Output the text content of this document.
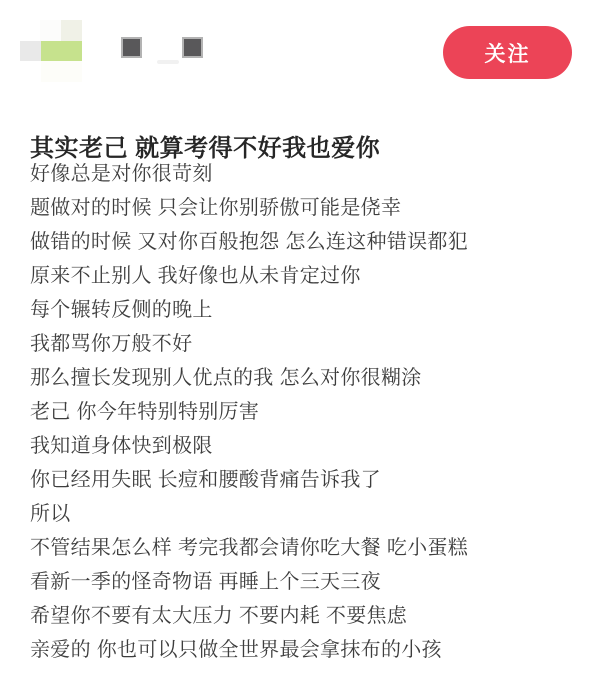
关注
其实老己 就算考得不好我也爱你
好像总是对你很苛刻
题做对的时候 只会让你别骄傲可能是侥幸
做错的时候 又对你百般抱怨 怎么连这种错误都犯
原来不止别人 我好像也从未肯定过你
每个辗转反侧的晚上
我都骂你万般不好
那么擅长发现别人优点的我 怎么对你很糊涂
老己 你今年特别特别厉害
我知道身体快到极限
你已经用失眠 长痘和腰酸背痛告诉我了
所以
不管结果怎么样 考完我都会请你吃大餐 吃小蛋糕
看新一季的怪奇物语 再睡上个三天三夜
希望你不要有太大压力 不要内耗 不要焦虑
亲爱的 你也可以只做全世界最会拿抹布的小孩
